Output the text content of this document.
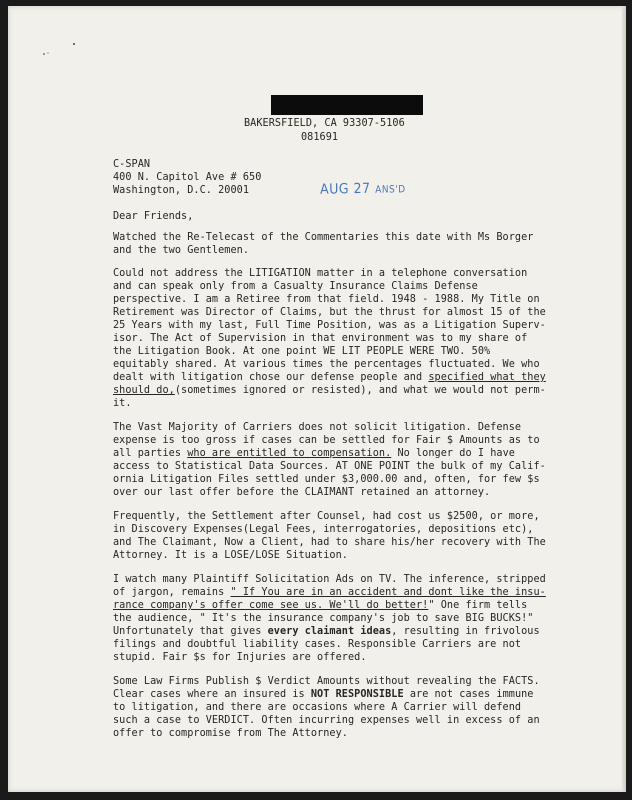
BAKERSFIELD, CA 93307-5106
081691
C-SPAN
400 N. Capitol Ave # 650
Washington, D.C. 20001	AUG 27 ANS'D
Dear Friends,
Watched the Re-Telecast of the Commentaries this date with Ms Borger
and the two Gentlemen.
Could not address the LITIGATION matter in a telephone conversation
and can speak only from a Casualty Insurance Claims Defense
perspective. I am a Retiree from that field. 1948 - 1988. My Title on
Retirement was Director of Claims, but the thrust for almost 15 of the
25 Years with my last, Full Time Position, was as a Litigation Superv-
isor. The Act of Supervision in that environment was to my share of
the Litigation Book. At one point WE LIT PEOPLE WERE TWO. 50%
equitably shared. At various times the percentages fluctuated. We who
dealt with litigation chose our defense people and specified what they
should do,(sometimes ignored or resisted), and what we would not perm-
it.
The Vast Majority of Carriers does not solicit litigation. Defense
expense is too gross if cases can be settled for Fair $ Amounts as to
all parties who are entitled to compensation. No longer do I have
access to Statistical Data Sources. AT ONE POINT the bulk of my Calif-
ornia Litigation Files settled under $3,000.00 and, often, for few $s
over our last offer before the CLAIMANT retained an attorney.
Frequently, the Settlement after Counsel, had cost us $2500, or more,
in Discovery Expenses(Legal Fees, interrogatories, depositions etc),
and The Claimant, Now a Client, had to share his/her recovery with The
Attorney. It is a LOSE/LOSE Situation.
I watch many Plaintiff Solicitation Ads on TV. The inference, stripped
of jargon, remains " If You are in an accident and dont like the insu-
rance company's offer come see us. We'll do better!" One firm tells
the audience, " It's the insurance company's job to save BIG BUCKS!"
Unfortunately that gives every claimant ideas, resulting in frivolous
filings and doubtful liability cases. Responsible Carriers are not
stupid. Fair $s for Injuries are offered.
Some Law Firms Publish $ Verdict Amounts without revealing the FACTS.
Clear cases where an insured is NOT RESPONSIBLE are not cases immune
to litigation, and there are occasions where A Carrier will defend
such a case to VERDICT. Often incurring expenses well in excess of an
offer to compromise from The Attorney.
